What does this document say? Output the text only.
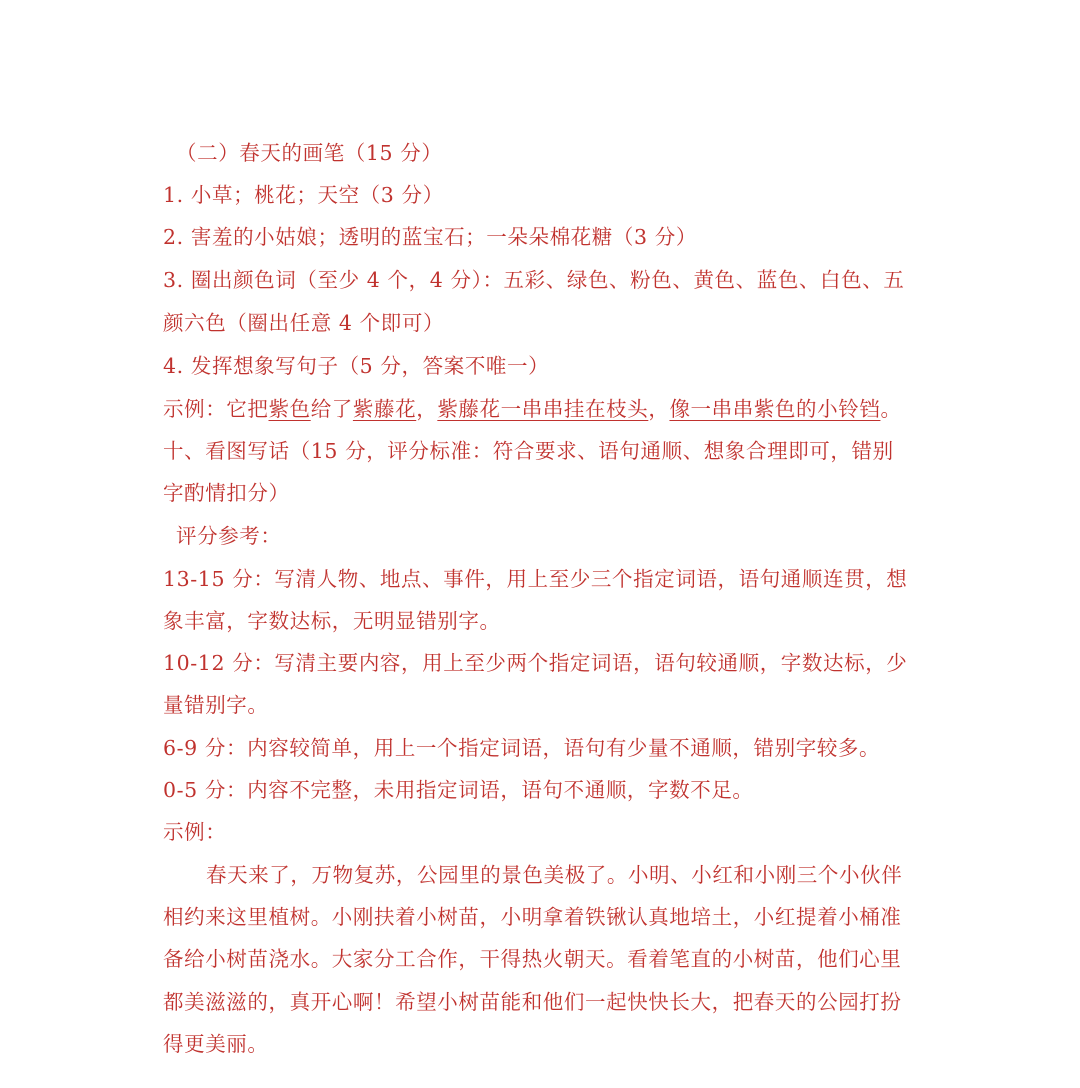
（二）春天的画笔（15 分）
1. 小草；桃花；天空（3 分）
2. 害羞的小姑娘；透明的蓝宝石；一朵朵棉花糖（3 分）
3. 圈出颜色词（至少 4 个，4 分）：五彩、绿色、粉色、黄色、蓝色、白色、五
颜六色（圈出任意 4 个即可）
4. 发挥想象写句子（5 分，答案不唯一）
示例：它把紫色给了紫藤花，紫藤花一串串挂在枝头，像一串串紫色的小铃铛。
十、看图写话（15 分，评分标准：符合要求、语句通顺、想象合理即可，错别
字酌情扣分）
评分参考：
13-15 分：写清人物、地点、事件，用上至少三个指定词语，语句通顺连贯，想
象丰富，字数达标，无明显错别字。
10-12 分：写清主要内容，用上至少两个指定词语，语句较通顺，字数达标，少
量错别字。
6-9 分：内容较简单，用上一个指定词语，语句有少量不通顺，错别字较多。
0-5 分：内容不完整，未用指定词语，语句不通顺，字数不足。
示例：
春天来了，万物复苏，公园里的景色美极了。小明、小红和小刚三个小伙伴
相约来这里植树。小刚扶着小树苗，小明拿着铁锹认真地培土，小红提着小桶准
备给小树苗浇水。大家分工合作，干得热火朝天。看着笔直的小树苗，他们心里
都美滋滋的，真开心啊！希望小树苗能和他们一起快快长大，把春天的公园打扮
得更美丽。
